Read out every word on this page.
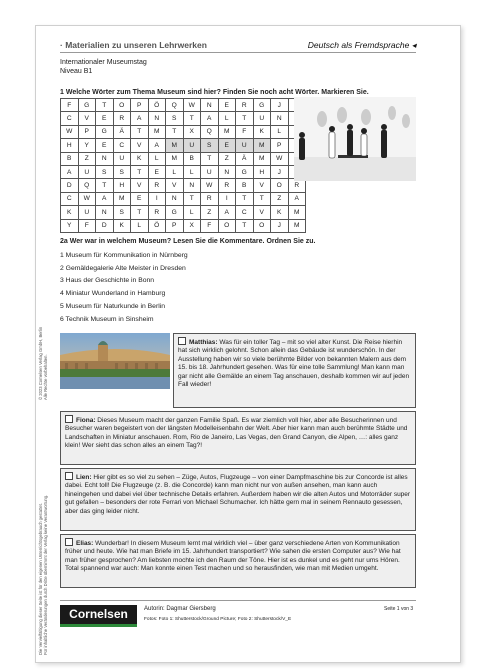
© 2023 Cornelsen Verlag GmbH, Berlin Alle Rechte vorbehalten.
Die Vervielfältigung dieser Seite ist für den eigenen Unterrichtsgebrauch gestattet. Für inhaltliche Veränderungen durch Dritte übernimmt der Verlag keine Verantwortung.
· Materialien zu unseren Lehrwerken	Deutsch als Fremdsprache ◂
Internationaler Museumstag
Niveau B1
1 Welche Wörter zum Thema Museum sind hier? Finden Sie noch acht Wörter. Markieren Sie.
F	G	T	O	P	Ö	Q	W	N	E	R	G	J	
C	V	E	R	A	N	S	T	A	L	T	U	N	
W	P	G	Ä	T	M	T	X	Q	M	F	K	L	
H	Y	E	C	V	A	M	U	S	E	U	M	P	
B	Z	N	U	K	L	M	B	T	Z	Ä	M	W	
A	U	S	S	T	E	L	L	U	N	G	H	J	
D	Q	T	H	V	R	V	N	W	R	B	V	O	R
C	W	A	M	E	I	N	T	R	I	T	T	Z	A
K	U	N	S	T	R	G	L	Z	A	C	V	K	M
Y	F	D	K	L	Ö	P	X	F	O	T	O	J	M
2a Wer war in welchem Museum? Lesen Sie die Kommentare. Ordnen Sie zu.
1 Museum für Kommunikation in Nürnberg
2 Gemäldegalerie Alte Meister in Dresden
3 Haus der Geschichte in Bonn
4 Miniatur Wunderland in Hamburg
5 Museum für Naturkunde in Berlin
6 Technik Museum in Sinsheim
Matthias: Was für ein toller Tag – mit so viel alter Kunst. Die Reise hierhin hat sich wirklich gelohnt. Schon allein das Gebäude ist wunderschön. In der Ausstellung haben wir so viele berühmte Bilder von bekannten Malern aus dem 15. bis 18. Jahrhundert gesehen. Was für eine tolle Sammlung! Man kann man gar nicht alle Gemälde an einem Tag anschauen, deshalb kommen wir auf jeden Fall wieder!
Fiona: Dieses Museum macht der ganzen Familie Spaß. Es war ziemlich voll hier, aber alle Besucherinnen und Besucher waren begeistert von der längsten Modelleisenbahn der Welt. Aber hier kann man auch berühmte Städte und Landschaften in Miniatur anschauen. Rom, Rio de Janeiro, Las Vegas, den Grand Canyon, die Alpen, …: alles ganz klein! Wer sieht das schon alles an einem Tag?!
Lien: Hier gibt es so viel zu sehen – Züge, Autos, Flugzeuge – von einer Dampfmaschine bis zur Concorde ist alles dabei. Echt toll! Die Flugzeuge (z. B. die Concorde) kann man nicht nur von außen ansehen, man kann auch hineingehen und dabei viel über technische Details erfahren. Außerdem haben wir die alten Autos und Motorräder super gut gefallen – besonders der rote Ferrari von Michael Schumacher. Ich hätte gern mal in seinem Rennauto gesessen, aber das ging leider nicht.
Elias: Wunderbar! In diesem Museum lernt mal wirklich viel – über ganz verschiedene Arten von Kommunikation früher und heute. Wie hat man Briefe im 15. Jahrhundert transportiert? Wie sahen die ersten Computer aus? Wie hat man früher gesprochen? Am liebsten mochte ich den Raum der Töne. Hier ist es dunkel und es geht nur ums Hören. Total spannend war auch: Man konnte einen Test machen und so herausfinden, wie man mit Medien umgeht.
Cornelsen	Autorin: Dagmar Giersberg
Fotos: Foto 1: Shutterstock/Ground Picture; Foto 2: Shutterstock/V_E
Seite 1 von 3
